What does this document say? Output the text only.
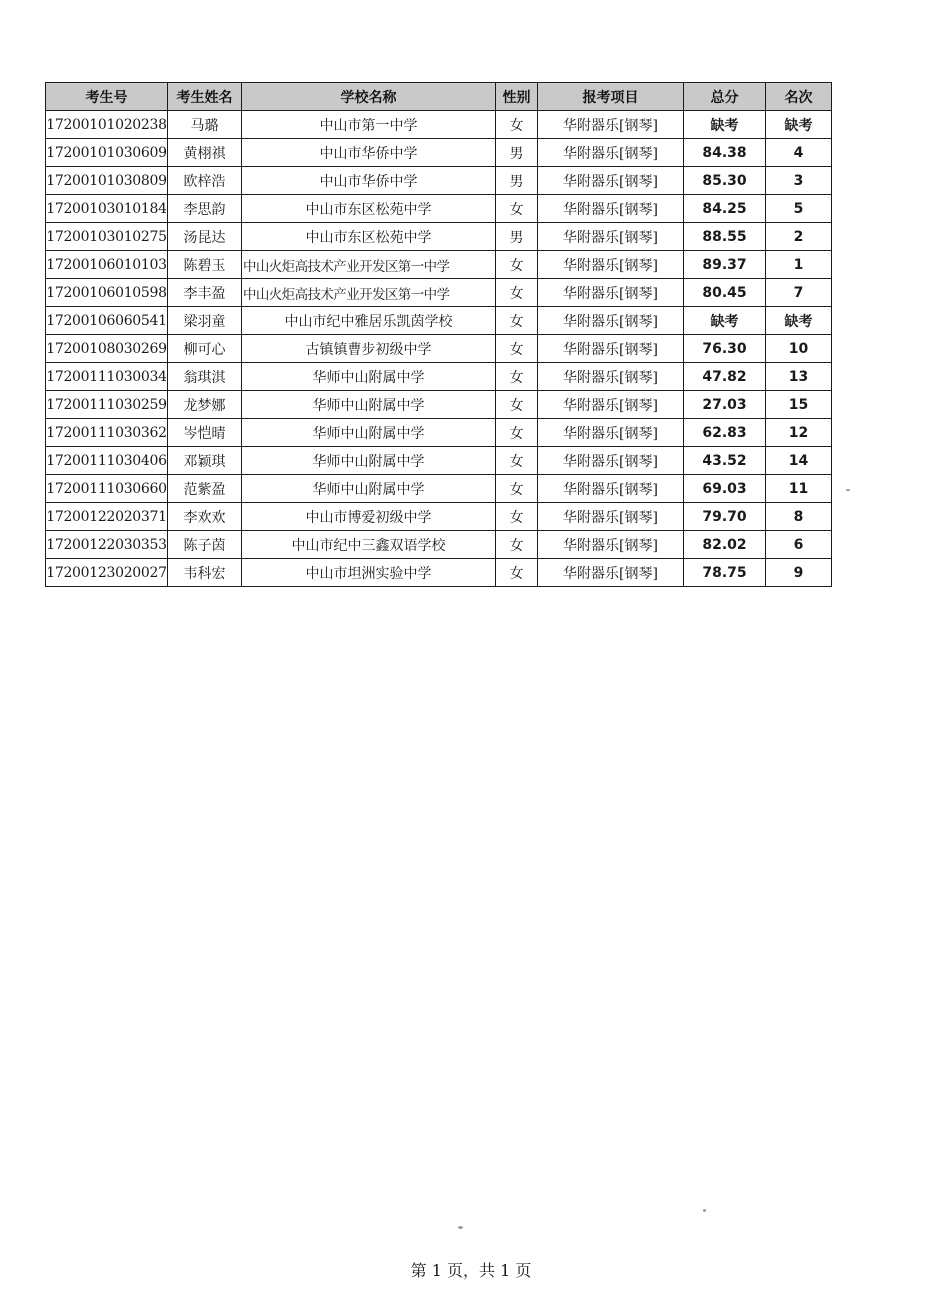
考生号	考生姓名	学校名称	性别	报考项目	总分	名次
17200101020238	马璐	中山市第一中学	女	华附器乐[钢琴]	缺考	缺考
17200101030609	黄栩祺	中山市华侨中学	男	华附器乐[钢琴]	84.38	4
17200101030809	欧梓浩	中山市华侨中学	男	华附器乐[钢琴]	85.30	3
17200103010184	李思韵	中山市东区松苑中学	女	华附器乐[钢琴]	84.25	5
17200103010275	汤昆达	中山市东区松苑中学	男	华附器乐[钢琴]	88.55	2
17200106010103	陈碧玉	中山火炬高技术产业开发区第一中学	女	华附器乐[钢琴]	89.37	1
17200106010598	李丰盈	中山火炬高技术产业开发区第一中学	女	华附器乐[钢琴]	80.45	7
17200106060541	梁羽童	中山市纪中雅居乐凯茵学校	女	华附器乐[钢琴]	缺考	缺考
17200108030269	柳可心	古镇镇曹步初级中学	女	华附器乐[钢琴]	76.30	10
17200111030034	翁琪淇	华师中山附属中学	女	华附器乐[钢琴]	47.82	13
17200111030259	龙梦娜	华师中山附属中学	女	华附器乐[钢琴]	27.03	15
17200111030362	岑恺晴	华师中山附属中学	女	华附器乐[钢琴]	62.83	12
17200111030406	邓颖琪	华师中山附属中学	女	华附器乐[钢琴]	43.52	14
17200111030660	范紫盈	华师中山附属中学	女	华附器乐[钢琴]	69.03	11
17200122020371	李欢欢	中山市博爱初级中学	女	华附器乐[钢琴]	79.70	8
17200122030353	陈子茵	中山市纪中三鑫双语学校	女	华附器乐[钢琴]	82.02	6
17200123020027	韦科宏	中山市坦洲实验中学	女	华附器乐[钢琴]	78.75	9
第 1 页，共 1 页
